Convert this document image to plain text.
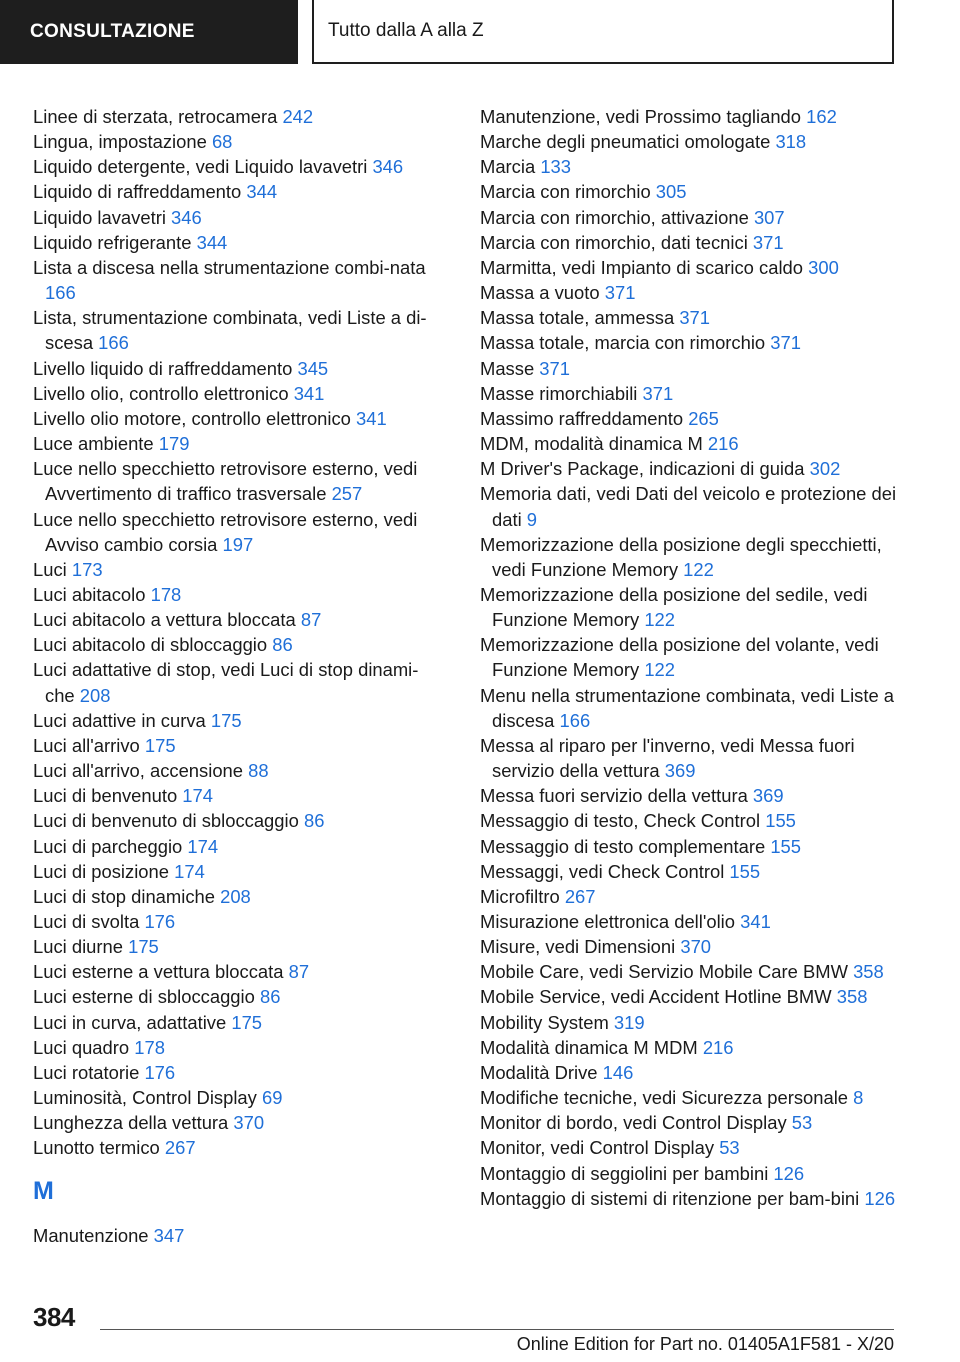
CONSULTAZIONE	Tutto dalla A alla Z
Linee di sterzata, retrocamera 242
Lingua, impostazione 68
Liquido detergente, vedi Liquido lavavetri 346
Liquido di raffreddamento 344
Liquido lavavetri 346
Liquido refrigerante 344
Lista a discesa nella strumentazione combi‐nata 166
Lista, strumentazione combinata, vedi Liste a di‐scesa 166
Livello liquido di raffreddamento 345
Livello olio, controllo elettronico 341
Livello olio motore, controllo elettronico 341
Luce ambiente 179
Luce nello specchietto retrovisore esterno, vedi Avvertimento di traffico trasversale 257
Luce nello specchietto retrovisore esterno, vedi Avviso cambio corsia 197
Luci 173
Luci abitacolo 178
Luci abitacolo a vettura bloccata 87
Luci abitacolo di sbloccaggio 86
Luci adattative di stop, vedi Luci di stop dinami‐che 208
Luci adattive in curva 175
Luci all'arrivo 175
Luci all'arrivo, accensione 88
Luci di benvenuto 174
Luci di benvenuto di sbloccaggio 86
Luci di parcheggio 174
Luci di posizione 174
Luci di stop dinamiche 208
Luci di svolta 176
Luci diurne 175
Luci esterne a vettura bloccata 87
Luci esterne di sbloccaggio 86
Luci in curva, adattative 175
Luci quadro 178
Luci rotatorie 176
Luminosità, Control Display 69
Lunghezza della vettura 370
Lunotto termico 267
M
Manutenzione 347
Manutenzione, vedi Prossimo tagliando 162
Marche degli pneumatici omologate 318
Marcia 133
Marcia con rimorchio 305
Marcia con rimorchio, attivazione 307
Marcia con rimorchio, dati tecnici 371
Marmitta, vedi Impianto di scarico caldo 300
Massa a vuoto 371
Massa totale, ammessa 371
Massa totale, marcia con rimorchio 371
Masse 371
Masse rimorchiabili 371
Massimo raffreddamento 265
MDM, modalità dinamica M 216
M Driver's Package, indicazioni di guida 302
Memoria dati, vedi Dati del veicolo e protezione dei dati 9
Memorizzazione della posizione degli specchietti, vedi Funzione Memory 122
Memorizzazione della posizione del sedile, vedi Funzione Memory 122
Memorizzazione della posizione del volante, vedi Funzione Memory 122
Menu nella strumentazione combinata, vedi Liste a discesa 166
Messa al riparo per l'inverno, vedi Messa fuori servizio della vettura 369
Messa fuori servizio della vettura 369
Messaggio di testo, Check Control 155
Messaggio di testo complementare 155
Messaggi, vedi Check Control 155
Microfiltro 267
Misurazione elettronica dell'olio 341
Misure, vedi Dimensioni 370
Mobile Care, vedi Servizio Mobile Care BMW 358
Mobile Service, vedi Accident Hotline BMW 358
Mobility System 319
Modalità dinamica M MDM 216
Modalità Drive 146
Modifiche tecniche, vedi Sicurezza personale 8
Monitor di bordo, vedi Control Display 53
Monitor, vedi Control Display 53
Montaggio di seggiolini per bambini 126
Montaggio di sistemi di ritenzione per bam‐bini 126
384
Online Edition for Part no. 01405A1F581 - X/20
